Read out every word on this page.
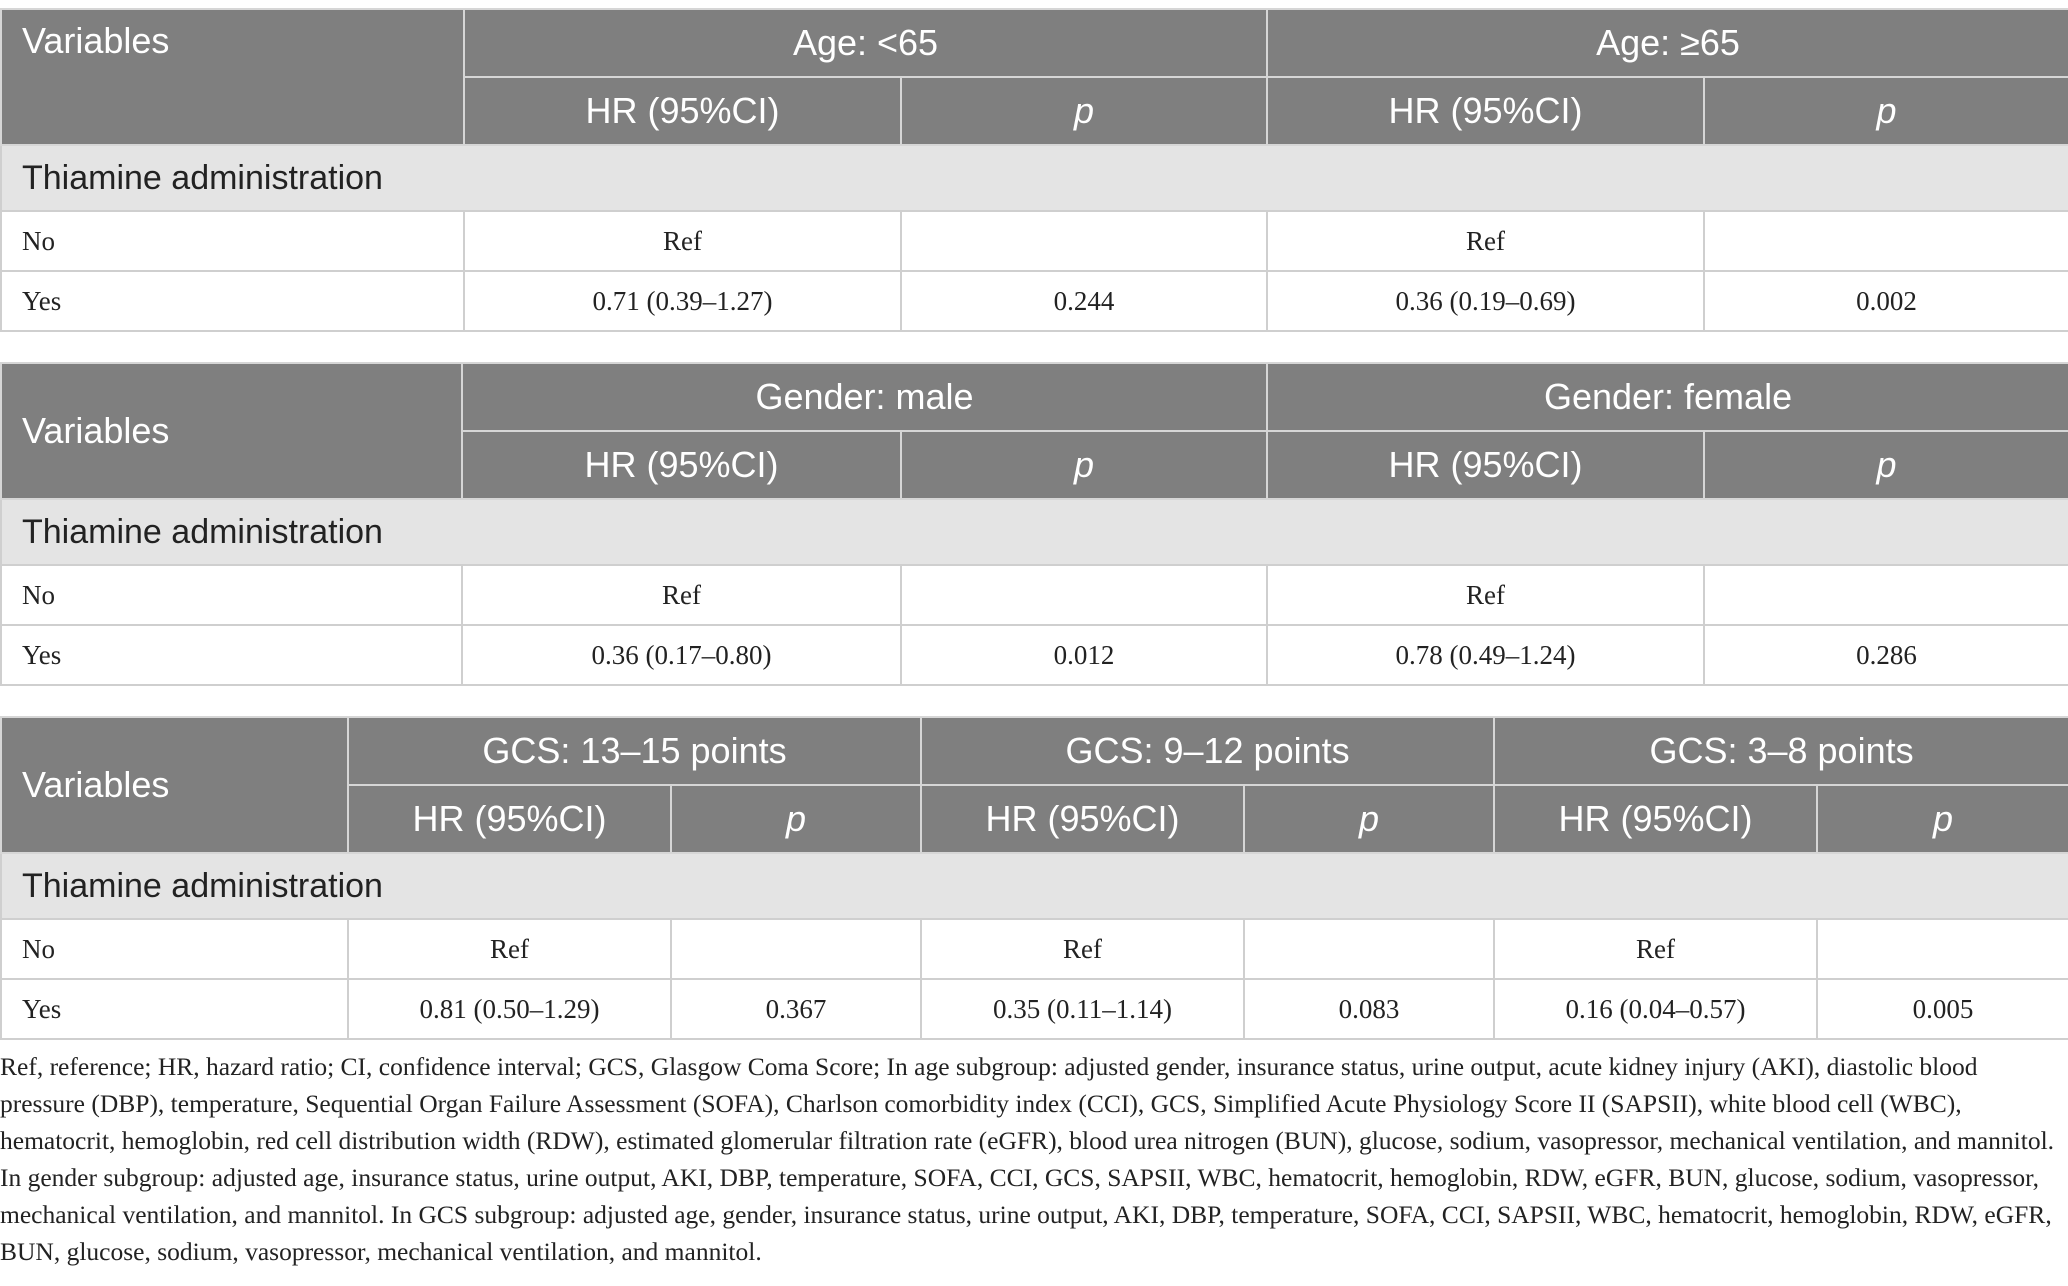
Variables	Age: <65		Age: ≥65	
	HR (95%CI)	p	HR (95%CI)	p
Thiamine administration				
No	Ref		Ref	
Yes	0.71 (0.39–1.27)	0.244	0.36 (0.19–0.69)	0.002
Variables	Gender: male		Gender: female	
	HR (95%CI)	p	HR (95%CI)	p
Thiamine administration				
No	Ref		Ref	
Yes	0.36 (0.17–0.80)	0.012	0.78 (0.49–1.24)	0.286
Variables	GCS: 13–15 points		GCS: 9–12 points		GCS: 3–8 points	
	HR (95%CI)	p	HR (95%CI)	p	HR (95%CI)	p
Thiamine administration						
No	Ref		Ref		Ref	
Yes	0.81 (0.50–1.29)	0.367	0.35 (0.11–1.14)	0.083	0.16 (0.04–0.57)	0.005
Ref, reference; HR, hazard ratio; CI, confidence interval; GCS, Glasgow Coma Score; In age subgroup: adjusted gender, insurance status, urine output, acute kidney injury (AKI), diastolic blood pressure (DBP), temperature, Sequential Organ Failure Assessment (SOFA), Charlson comorbidity index (CCI), GCS, Simplified Acute Physiology Score II (SAPSII), white blood cell (WBC), hematocrit, hemoglobin, red cell distribution width (RDW), estimated glomerular filtration rate (eGFR), blood urea nitrogen (BUN), glucose, sodium, vasopressor, mechanical ventilation, and mannitol. In gender subgroup: adjusted age, insurance status, urine output, AKI, DBP, temperature, SOFA, CCI, GCS, SAPSII, WBC, hematocrit, hemoglobin, RDW, eGFR, BUN, glucose, sodium, vasopressor, mechanical ventilation, and mannitol. In GCS subgroup: adjusted age, gender, insurance status, urine output, AKI, DBP, temperature, SOFA, CCI, SAPSII, WBC, hematocrit, hemoglobin, RDW, eGFR, BUN, glucose, sodium, vasopressor, mechanical ventilation, and mannitol.
